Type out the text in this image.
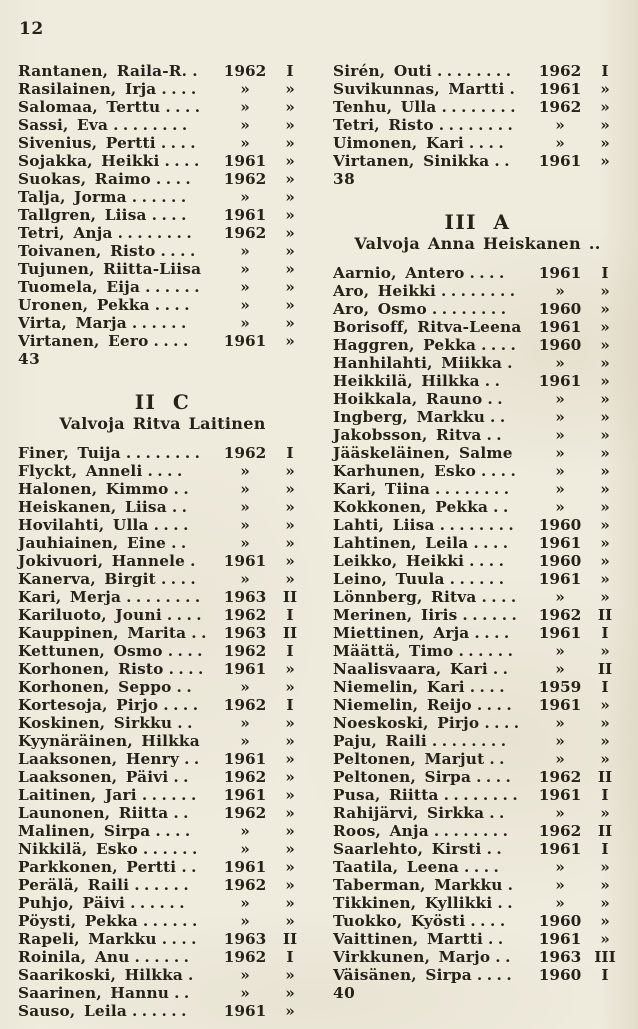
12
Rantanen, Raila-R. .	1962	I
Rasilainen, Irja ....	»	»
Salomaa, Terttu ....	»	»
Sassi, Eva ........	»	»
Sivenius, Pertti ....	»	»
Sojakka, Heikki ....	1961	»
Suokas, Raimo ....	1962	»
Talja, Jorma ......	»	»
Tallgren, Liisa ....	1961	»
Tetri, Anja ........	1962	»
Toivanen, Risto ....	»	»
Tujunen, Riitta-Liisa	»	»
Tuomela, Eija ......	»	»
Uronen, Pekka ....	»	»
Virta, Marja ......	»	»
Virtanen, Eero ....	1961	»
43
II C
Valvoja Ritva Laitinen
Finer, Tuija ........	1962	I
Flyckt, Anneli ....	»	»
Halonen, Kimmo ..	»	»
Heiskanen, Liisa ..	»	»
Hovilahti, Ulla ....	»	»
Jauhiainen, Eine ..	»	»
Jokivuori, Hannele .	1961	»
Kanerva, Birgit ....	»	»
Kari, Merja ........	1963	II
Kariluoto, Jouni ....	1962	I
Kauppinen, Marita .. 1963	II
Kettunen, Osmo ....	1962	I
Korhonen, Risto ....	1961	»
Korhonen, Seppo ..	»	»
Kortesoja, Pirjo ....	1962	I
Koskinen, Sirkku ..	»	»
Kyynäräinen, Hilkka	»	»
Laaksonen, Henry ..	1961	»
Laaksonen, Päivi ..	1962	»
Laitinen, Jari ......	1961	»
Launonen, Riitta ..	1962	»
Malinen, Sirpa ....	»	»
Nikkilä, Esko ......	»	»
Parkkonen, Pertti ..	1961	»
Perälä, Raili ......	1962	»
Puhjo, Päivi ......	»	»
Pöysti, Pekka ......	»	»
Rapeli, Markku ....	1963	II
Roinila, Anu ......	1962	I
Saarikoski, Hilkka .	»	»
Saarinen, Hannu ..	»	»
Sauso, Leila ......	1961	»
Sirén, Outi ........	1962	I
Suvikunnas, Martti .	1961	»
Tenhu, Ulla ........	1962	»
Tetri, Risto ........	»	»
Uimonen, Kari ....	»	»
Virtanen, Sinikka ..	1961	»
38
III A
Valvoja Anna Heiskanen ..
Aarnio, Antero ....	1961	I
Aro, Heikki ........	»	»
Aro, Osmo ........	1960	»
Borisoff, Ritva-Leena	1961	»
Haggren, Pekka ....	1960	»
Hanhilahti, Miikka .	»	»
Heikkilä, Hilkka ..	1961	»
Hoikkala, Rauno ..	»	»
Ingberg, Markku ..	»	»
Jakobsson, Ritva ..	»	»
Jääskeläinen, Salme	»	»
Karhunen, Esko ....	»	»
Kari, Tiina ........	»	»
Kokkonen, Pekka ..	»	»
Lahti, Liisa ........	1960	»
Lahtinen, Leila ....	1961	»
Leikko, Heikki ....	1960	»
Leino, Tuula ......	1961	»
Lönnberg, Ritva ....	»	»
Merinen, Iiris ......	1962	II
Miettinen, Arja ....	1961	I
Määttä, Timo ......	»	»
Naalisvaara, Kari ..	»	II
Niemelin, Kari ....	1959	I
Niemelin, Reijo ....	1961	»
Noeskoski, Pirjo ....	»	»
Paju, Raili ........	»	»
Peltonen, Marjut ..	»	»
Peltonen, Sirpa ....	1962	II
Pusa, Riitta ........	1961	I
Rahijärvi, Sirkka ..	»	»
Roos, Anja ........	1962	II
Saarlehto, Kirsti ..	1961	I
Taatila, Leena ....	»	»
Taberman, Markku .	»	»
Tikkinen, Kyllikki ..	»	»
Tuokko, Kyösti ....	1960	»
Vaittinen, Martti ..	1961	»
Virkkunen, Marjo ..	1963 III
Väisänen, Sirpa ....	1960	I
40
